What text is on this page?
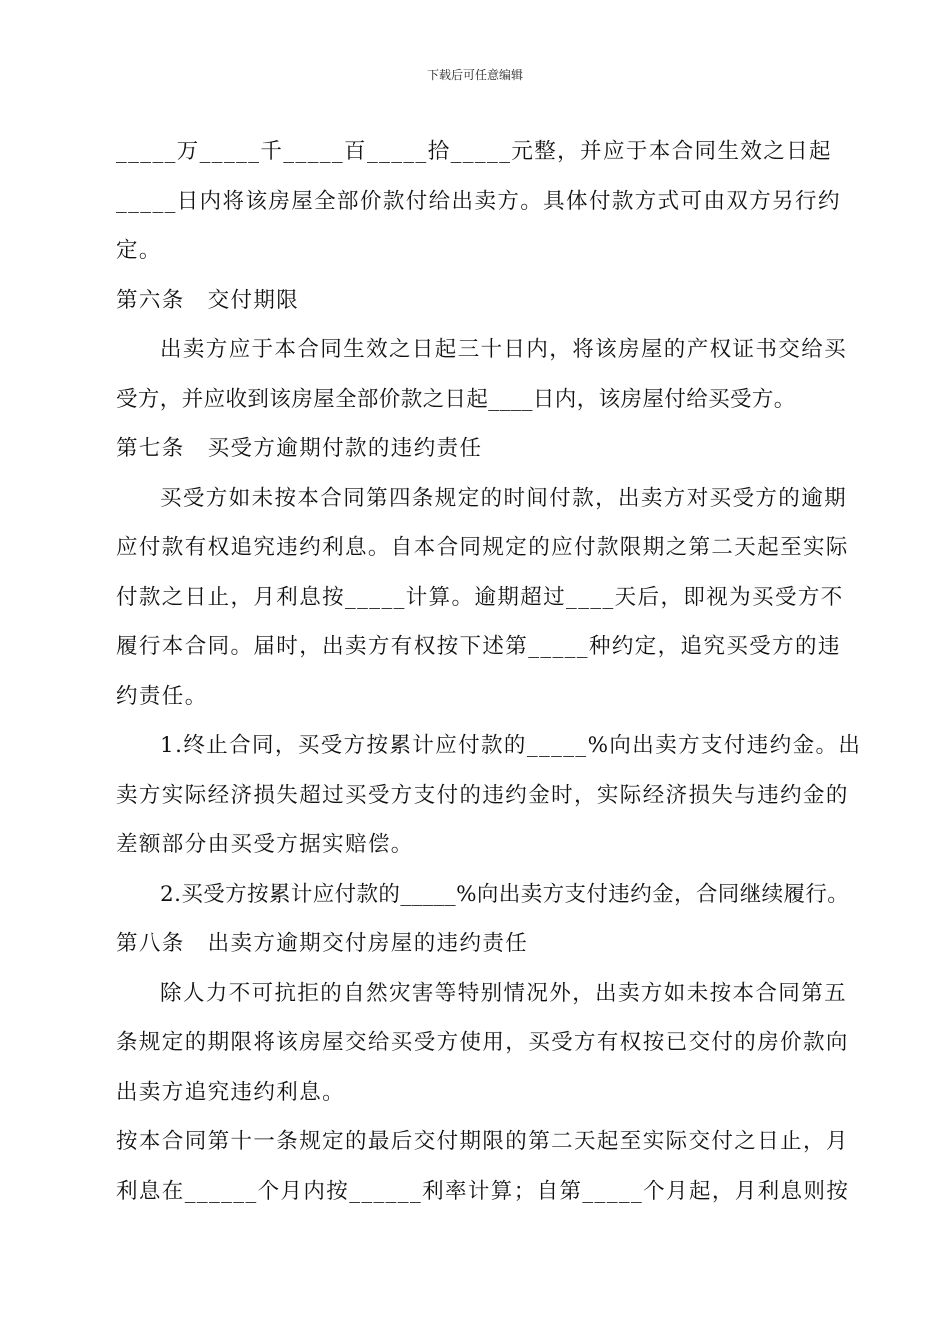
下载后可任意编辑
_____万_____千_____百_____拾_____元整，并应于本合同生效之日起
_____日内将该房屋全部价款付给出卖方。具体付款方式可由双方另行约
定。
第六条　交付期限
出卖方应于本合同生效之日起三十日内，将该房屋的产权证书交给买
受方，并应收到该房屋全部价款之日起____日内，该房屋付给买受方。
第七条　买受方逾期付款的违约责任
买受方如未按本合同第四条规定的时间付款，出卖方对买受方的逾期
应付款有权追究违约利息。自本合同规定的应付款限期之第二天起至实际
付款之日止，月利息按_____计算。逾期超过____天后，即视为买受方不
履行本合同。届时，出卖方有权按下述第_____种约定，追究买受方的违
约责任。
1.终止合同，买受方按累计应付款的_____%向出卖方支付违约金。出
卖方实际经济损失超过买受方支付的违约金时，实际经济损失与违约金的
差额部分由买受方据实赔偿。
2.买受方按累计应付款的_____%向出卖方支付违约金，合同继续履行。
第八条　出卖方逾期交付房屋的违约责任
除人力不可抗拒的自然灾害等特别情况外，出卖方如未按本合同第五
条规定的期限将该房屋交给买受方使用，买受方有权按已交付的房价款向
出卖方追究违约利息。
按本合同第十一条规定的最后交付期限的第二天起至实际交付之日止，月
利息在______个月内按______利率计算；自第_____个月起，月利息则按
